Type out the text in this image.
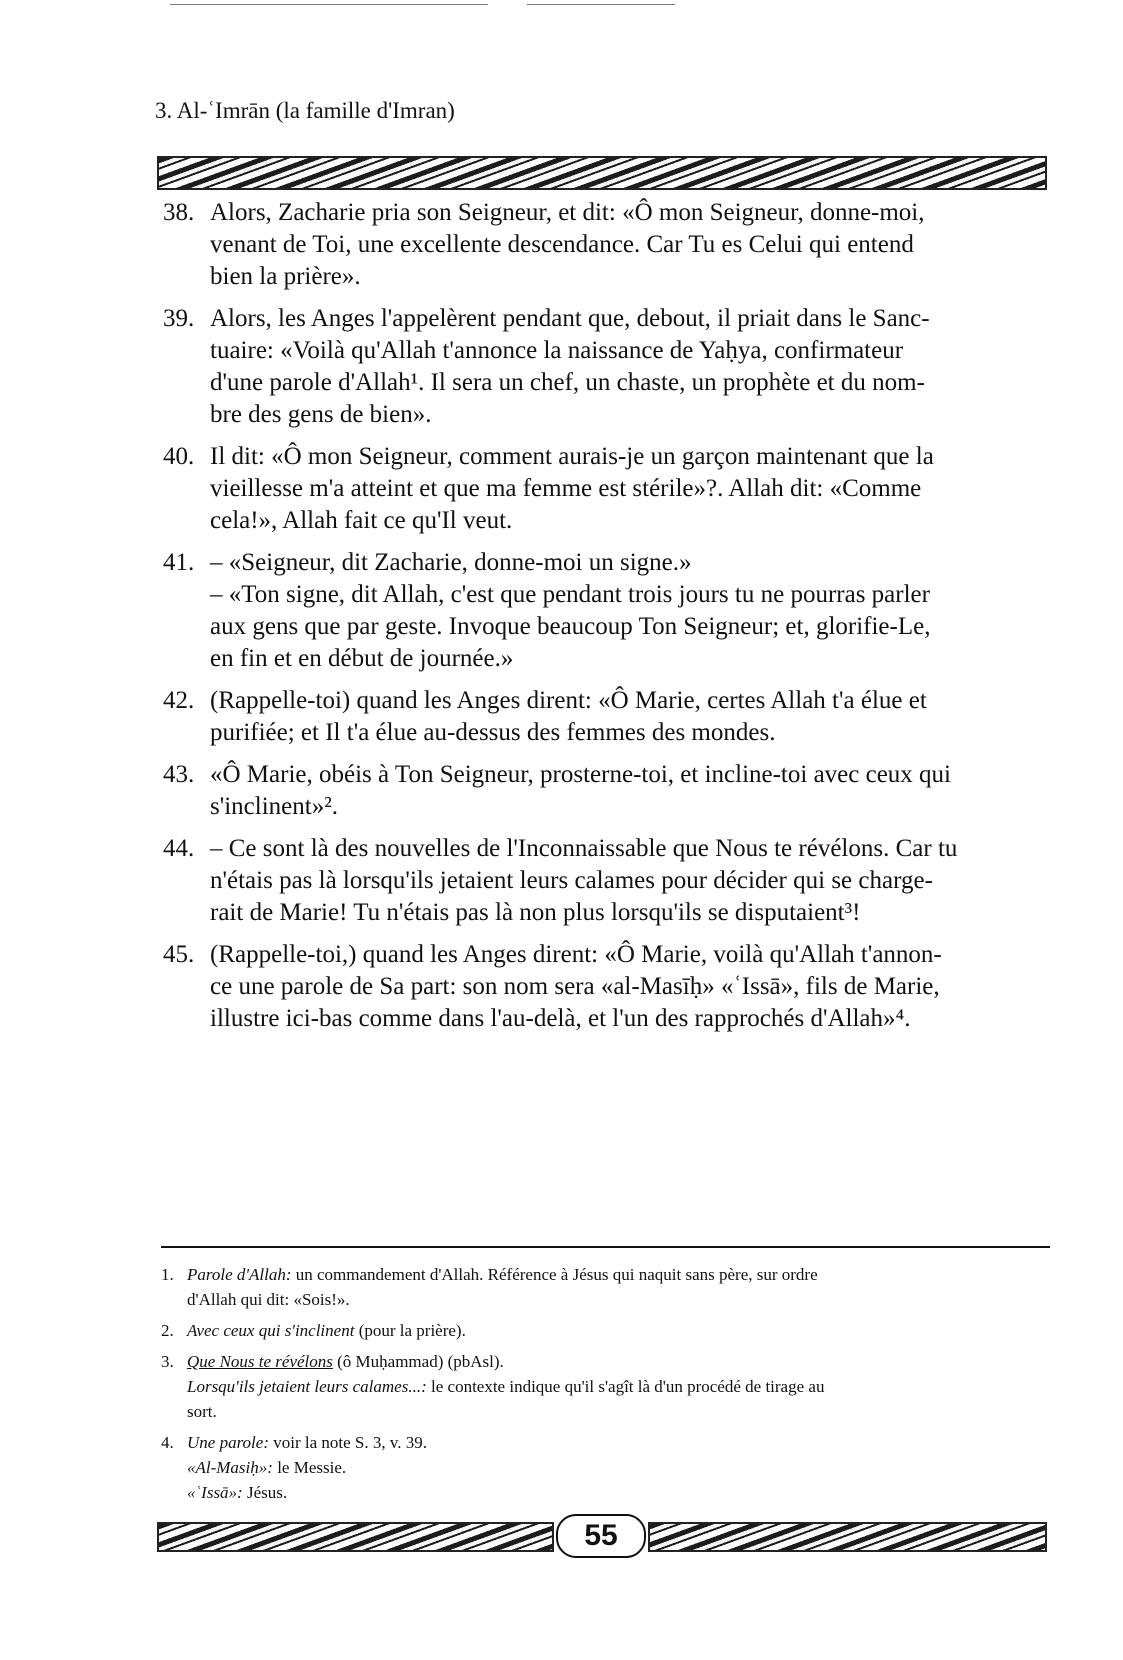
3. Al-ʿImrān (la famille d'Imran)
38. Alors, Zacharie pria son Seigneur, et dit: «Ô mon Seigneur, donne-moi,
venant de Toi, une excellente descendance. Car Tu es Celui qui entend
bien la prière».
39. Alors, les Anges l'appelèrent pendant que, debout, il priait dans le Sanc-
tuaire: «Voilà qu'Allah t'annonce la naissance de Yaḥya, confirmateur
d'une parole d'Allah¹. Il sera un chef, un chaste, un prophète et du nom-
bre des gens de bien».
40. Il dit: «Ô mon Seigneur, comment aurais-je un garçon maintenant que la
vieillesse m'a atteint et que ma femme est stérile»?. Allah dit: «Comme
cela!», Allah fait ce qu'Il veut.
41. – «Seigneur, dit Zacharie, donne-moi un signe.»
– «Ton signe, dit Allah, c'est que pendant trois jours tu ne pourras parler
aux gens que par geste. Invoque beaucoup Ton Seigneur; et, glorifie-Le,
en fin et en début de journée.»
42. (Rappelle-toi) quand les Anges dirent: «Ô Marie, certes Allah t'a élue et
purifiée; et Il t'a élue au-dessus des femmes des mondes.
43. «Ô Marie, obéis à Ton Seigneur, prosterne-toi, et incline-toi avec ceux qui
s'inclinent»².
44. – Ce sont là des nouvelles de l'Inconnaissable que Nous te révélons. Car tu
n'étais pas là lorsqu'ils jetaient leurs calames pour décider qui se charge-
rait de Marie! Tu n'étais pas là non plus lorsqu'ils se disputaient³!
45. (Rappelle-toi,) quand les Anges dirent: «Ô Marie, voilà qu'Allah t'annon-
ce une parole de Sa part: son nom sera «al-Masīḥ» «ʿIssā», fils de Marie,
illustre ici-bas comme dans l'au-delà, et l'un des rapprochés d'Allah»⁴.
1. Parole d'Allah: un commandement d'Allah. Référence à Jésus qui naquit sans père, sur ordre
d'Allah qui dit: «Sois!».
2. Avec ceux qui s'inclinent (pour la prière).
3. Que Nous te révélons (ô Muḥammad) (pbAsl).
Lorsqu'ils jetaient leurs calames...: le contexte indique qu'il s'agît là d'un procédé de tirage au
sort.
4. Une parole: voir la note S. 3, v. 39.
«Al-Masiḥ»: le Messie.
«ʿIssā»: Jésus.
55
